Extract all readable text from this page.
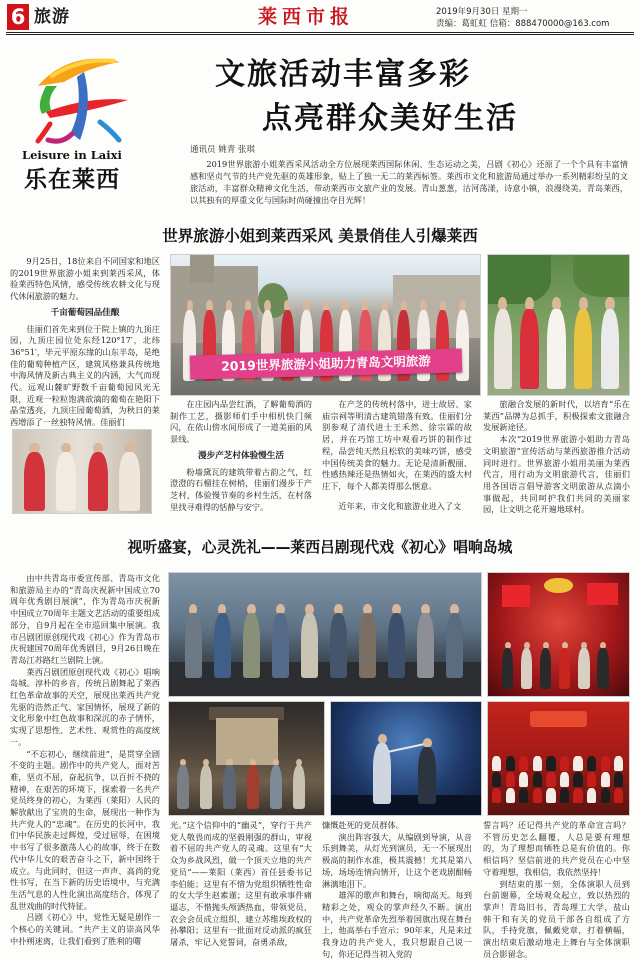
6 旅游	莱西市报	2019年9月30日 星期一
责编：葛虹虹 信箱：888470000@163.com
Leisure in Laixi
乐在莱西
文旅活动丰富多彩
点亮群众美好生活
通讯员 姚青 张琪

2019世界旅游小姐莱西采风活动全方位展现莱西国际休闲、生态运动之美，吕剧《初心》还原了一个个具有丰富情感和坚贞气节的共产党先驱的英雄形象，贴上了独一无二的莱西标签。莱西市文化和旅游局通过举办一系列精彩纷呈的文旅活动，丰富群众精神文化生活，带动莱西市文旅产业的发展。青山葱葱，沽河荡漾，诗意小镇，浪漫绕美。青岛莱西，以其独有的厚重文化与国际时尚碰撞出夺目光辉！

世界旅游小姐到莱西采风 美景俏佳人引爆莱西

9月25日，18位来自不同国家和地区的2019世界旅游小姐来到莱西采风，体验莱西特色风情，感受传统农耕文化与现代休闲旅游的魅力。

千亩葡萄园品佳酿

佳丽们首先来到位于院上镇的九顶庄园，九顶庄园位处东经120°17′，北纬36°51′，毕元平原东缘的山东半岛，是绝佳的葡萄种植产区，建筑风格兼具传统地中海风情及新古典主义的内涵，大气而现代。远观山麓旷野数千亩葡萄园风光无限，近观一粒粒饱满欲滴的葡萄在艳阳下晶莹透亮，九顶庄园葡萄酒，为秋日的莱西增添了一丝独特风情。佳丽们

2019世界旅游小姐助力青岛文明旅游

在庄园内品尝红酒，了解葡萄酒的制作工艺，摄影师们手中相机快门频闪，在依山傍水间形成了一道美丽的风景线。

漫步产芝村体验慢生活

粉墙黛瓦的建筑带着古韵之气，红澄澄的石榴挂在树梢，佳丽们漫步于产芝村，体验慢节奏的乡村生活，在村落里找寻难得的恬静与安宁。

在产芝的传统村落中，进士故居、家庙宗祠等明清古建筑错落有致。佳丽们分别参观了清代进士王禾然、徐宗霖的故居，并在巧馆工坊中观看巧饼的制作过程，品尝纯天然且松软的美味巧饼，感受中国传统美食的魅力。无论是清新靓丽、性感热辣还是热情如火，在莱西的盛大村庄下，每个人都美得那么惬意。

近年来，市文化和旅游业进入了文

旅融合发展的新时代，以培育“乐在莱西”品牌为总抓手，积极探索文旅融合发展新途径。

本次“2019世界旅游小姐助力青岛文明旅游”宣传活动与莱西旅游推介活动同时进行。世界旅游小姐用美丽为莱西代言，用行动为文明旅游代言，佳丽们用各国语言倡导游客文明旅游从点滴小事做起，共同呵护我们共同的美丽家园，让文明之花开遍地球村。

视听盛宴，心灵洗礼——莱西吕剧现代戏《初心》唱响岛城

由中共青岛市委宣传部、青岛市文化和旅游局主办的“青岛庆祝新中国成立70周年优秀剧目展演”，作为青岛市庆祝新中国成立70周年主题文艺活动的重要组成部分，自9月起在全市巡回集中展演。我市吕剧团原创现代戏《初心》作为青岛市庆祝建国70周年优秀剧目，9月26日晚在青岛江苏路红兰剧院上演。

莱西吕剧团原创现代戏《初心》唱响岛城。淳朴的乡音，传统吕剧舞起了莱西红色革命故事的天空，展现出莱西共产党先驱的浩然正气、家国情怀，展现了新的文化形象中红色故事和深沉的赤子情怀，实现了思想性、艺术性、观赏性的高度统一。

“不忘初心，继续前进”，是贯穿全剧不变的主题。剧作中的共产党人，面对苦难，坚贞不屈，奋起抗争，以百折不挠的精神，在艰苦的环境下，探索着一名共产党员终身的初心，为莱西（莱阳）人民的解放献出了宝贵的生命，展现出一种作为共产党人的“忠魂”。在历史的长河中，我们中华民族走过辉煌，受过屈辱，在困境中书写了很多激荡人心的故事，终于在数代中华儿女的艰苦奋斗之下，新中国终于成立。与此同时，但这一声声、高尚的党性书写，在当下新的历史语境中，与充满生活气息的人性化演出高度结合，体现了乱世戏曲的时代特征。

吕剧《初心》中，党性无疑是剧作一个核心的关键词。“共产主义的崇高风华中扑朔迷离，让我们看到了胜利的曙

光。”这个信仰中的“幽灵”，穿行于共产党人敬畏而成的坚毅刚强的群山，审视着不屈的共产党人的灵魂。这里有“大众为乡战风烈，做一个顶天立地的共产党员”——莱阳（莱西）首任县委书记李伯能；这里有不惜为党组织牺牲性命的女大学生赵素谨；这里有敢承事件痛逼志，不惜抛头颅洒热血，带领党员、农会会员成立组织，建立苏维埃政权的孙攀阳；这里有一批面对反动派的疯狂屠杀，牢记入党誓词，奋勇杀敌，

慷慨赴死的党员群体。

演出阵容强大，从编剧到导演，从音乐到舞美，从灯光到演员，无一不展现出极高的制作水准，极其震撼！尤其是第八场，场场连情向情开，让这个老戏剧酣畅淋漓地泪下。

雄浑的歌声和舞台，响彻高天。每到精彩之处，观众的掌声经久不断。演出中，共产党革命先烈举着国旗出现在舞台上，他高举右手宣示：90年来，凡是来过我身边的共产党人，我只想跟自己说一句，你还记得当初入党的

誓言吗？还记得共产党的革命宣言吗？不管历史怎么翻覆，人总是要有理想的，为了理想而牺牲总是有价值的。你相信吗？坚信前进的共产党员在心中坚守着理想，我相信，我依然坚持！

到结束的那一刻，全体演职人员到台前谢幕，全场观众起立，致以热烈的掌声！青岛旧书、青岛理工大学，盐山韩干和有关的党员干部各自组成了方队，手持党旗，佩戴党章，打着横幅，演出结束后激动地走上舞台与全体演职员合影留念。
